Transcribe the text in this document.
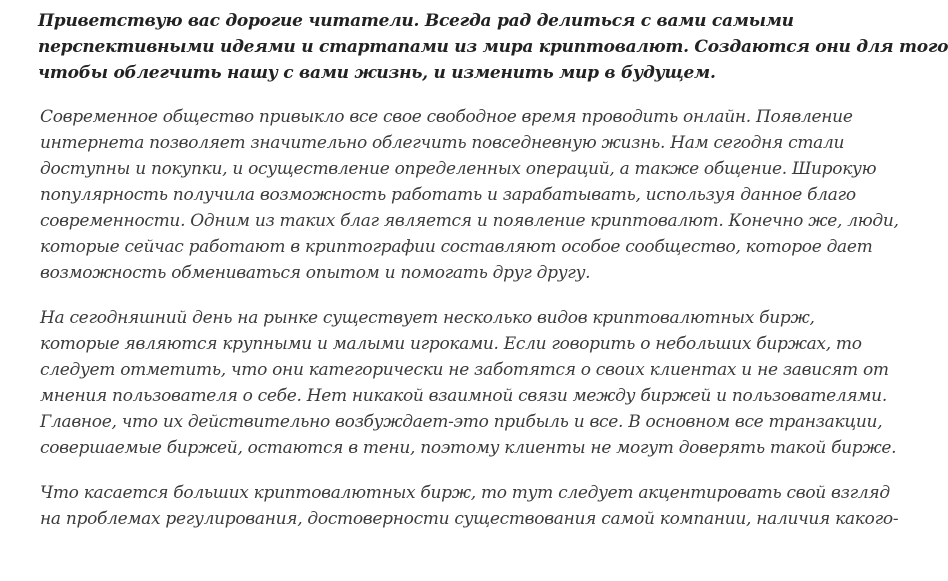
Приветствую вас дорогие читатели. Всегда рад делиться с вами самыми
перспективными идеями и стартапами из мира криптовалют. Создаются они для того
чтобы облегчить нашу с вами жизнь, и изменить мир в будущем.

Современное общество привыкло все свое свободное время проводить онлайн. Появление
интернета позволяет значительно облегчить повседневную жизнь. Нам сегодня стали
доступны и покупки, и осуществление определенных операций, а также общение. Широкую
популярность получила возможность работать и зарабатывать, используя данное благо
современности. Одним из таких благ является и появление криптовалют. Конечно же, люди,
которые сейчас работают в криптографии составляют особое сообщество, которое дает
возможность обмениваться опытом и помогать друг другу.

На сегодняшний день на рынке существует несколько видов криптовалютных бирж,
которые являются крупными и малыми игроками. Если говорить о небольших биржах, то
следует отметить, что они категорически не заботятся о своих клиентах и не зависят от
мнения пользователя о себе. Нет никакой взаимной связи между биржей и пользователями.
Главное, что их действительно возбуждает-это прибыль и все. В основном все транзакции,
совершаемые биржей, остаются в тени, поэтому клиенты не могут доверять такой бирже.

Что касается больших криптовалютных бирж, то тут следует акцентировать свой взгляд
на проблемах регулирования, достоверности существования самой компании, наличия какого-
